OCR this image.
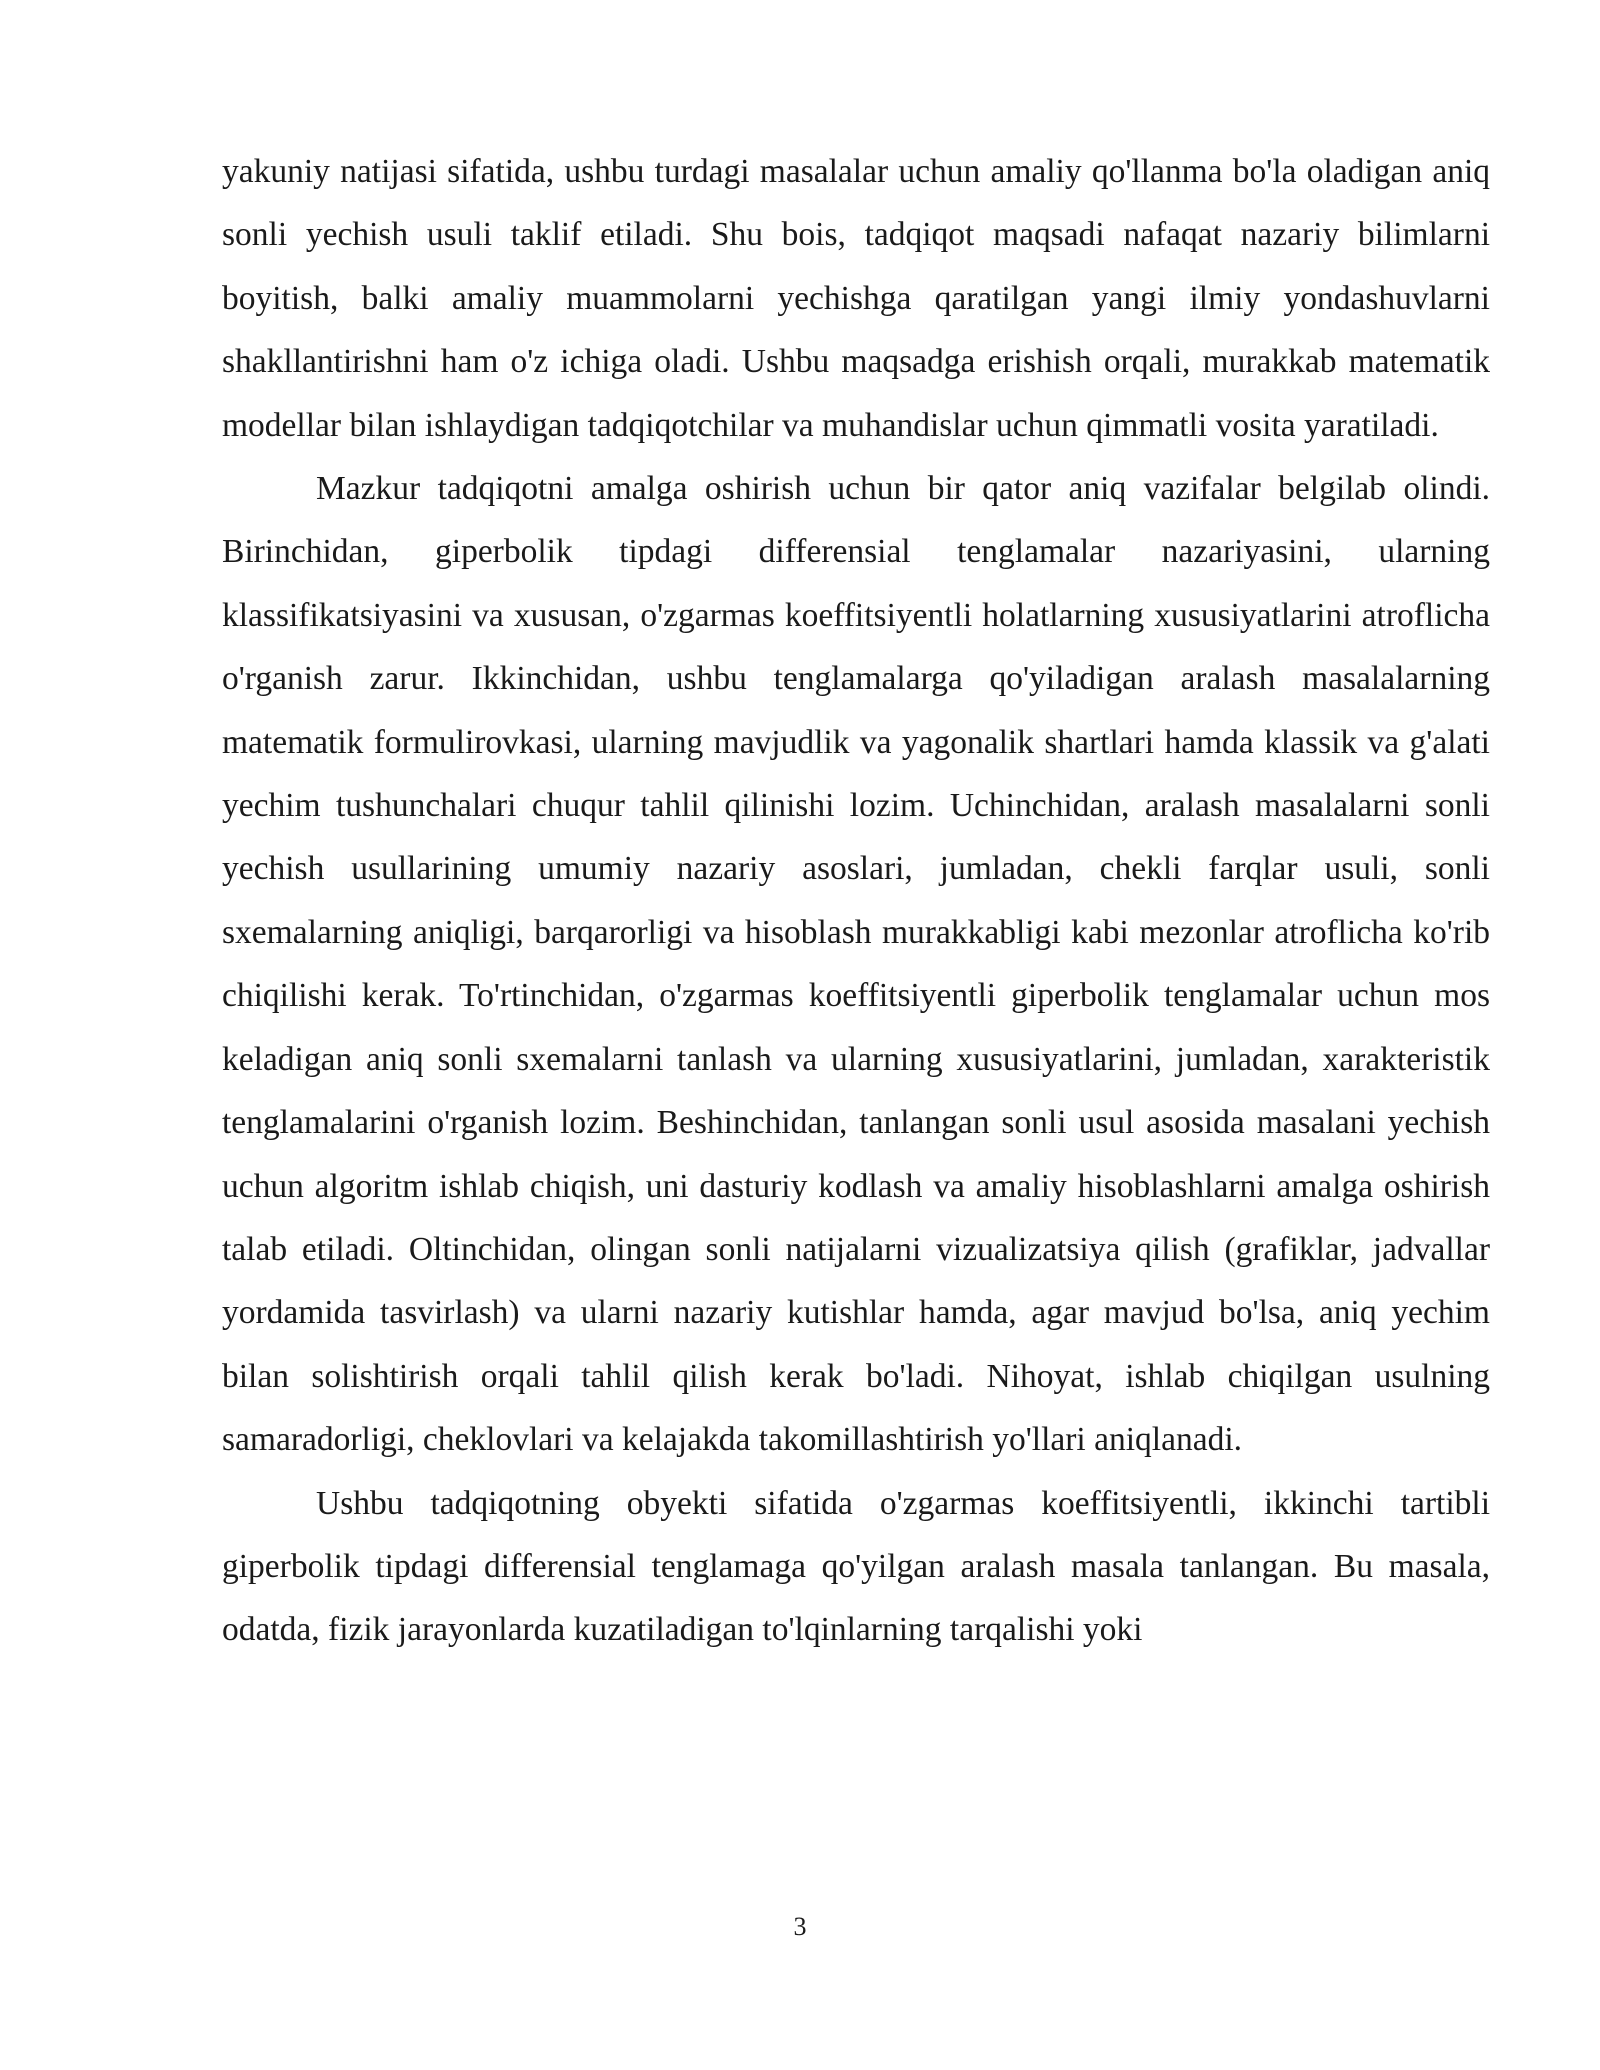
yakuniy natijasi sifatida, ushbu turdagi masalalar uchun amaliy qo'llanma bo'la oladigan aniq sonli yechish usuli taklif etiladi. Shu bois, tadqiqot maqsadi nafaqat nazariy bilimlarni boyitish, balki amaliy muammolarni yechishga qaratilgan yangi ilmiy yondashuvlarni shakllantirishni ham o'z ichiga oladi. Ushbu maqsadga erishish orqali, murakkab matematik modellar bilan ishlaydigan tadqiqotchilar va muhandislar uchun qimmatli vosita yaratiladi.

Mazkur tadqiqotni amalga oshirish uchun bir qator aniq vazifalar belgilab olindi. Birinchidan, giperbolik tipdagi differensial tenglamalar nazariyasini, ularning klassifikatsiyasini va xususan, o'zgarmas koeffitsiyentli holatlarning xususiyatlarini atroflicha o'rganish zarur. Ikkinchidan, ushbu tenglamalarga qo'yiladigan aralash masalalarning matematik formulirovkasi, ularning mavjudlik va yagonalik shartlari hamda klassik va g'alati yechim tushunchalari chuqur tahlil qilinishi lozim. Uchinchidan, aralash masalalarni sonli yechish usullarining umumiy nazariy asoslari, jumladan, chekli farqlar usuli, sonli sxemalarning aniqligi, barqarorligi va hisoblash murakkabligi kabi mezonlar atroflicha ko'rib chiqilishi kerak. To'rtinchidan, o'zgarmas koeffitsiyentli giperbolik tenglamalar uchun mos keladigan aniq sonli sxemalarni tanlash va ularning xususiyatlarini, jumladan, xarakteristik tenglamalarini o'rganish lozim. Beshinchidan, tanlangan sonli usul asosida masalani yechish uchun algoritm ishlab chiqish, uni dasturiy kodlash va amaliy hisoblashlarni amalga oshirish talab etiladi. Oltinchidan, olingan sonli natijalarni vizualizatsiya qilish (grafiklar, jadvallar yordamida tasvirlash) va ularni nazariy kutishlar hamda, agar mavjud bo'lsa, aniq yechim bilan solishtirish orqali tahlil qilish kerak bo'ladi. Nihoyat, ishlab chiqilgan usulning samaradorligi, cheklovlari va kelajakda takomillashtirish yo'llari aniqlanadi.

Ushbu tadqiqotning obyekti sifatida o'zgarmas koeffitsiyentli, ikkinchi tartibli giperbolik tipdagi differensial tenglamaga qo'yilgan aralash masala tanlangan. Bu masala, odatda, fizik jarayonlarda kuzatiladigan to'lqinlarning tarqalishi yoki

3
